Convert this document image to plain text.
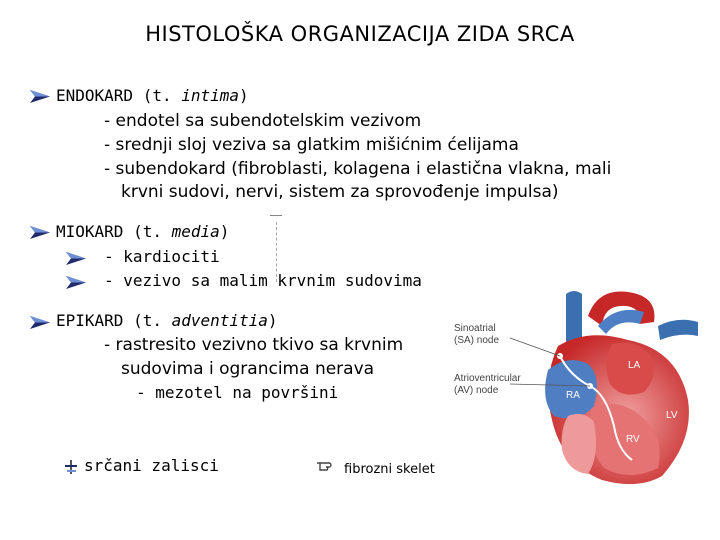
HISTOLOŠKA ORGANIZACIJA ZIDA SRCA
ENDOKARD (t. intima)
- endotel sa subendotelskim vezivom
- srednji sloj veziva sa glatkim mišićnim ćelijama
- subendokard (fibroblasti, kolagena i elastična vlakna, mali
krvni sudovi, nervi, sistem za sprovođenje impulsa)
MIOKARD (t. media)
- kardiociti
- vezivo sa malim krvnim sudovima
EPIKARD (t. adventitia)
- rastresito vezivno tkivo sa krvnim
sudovima i ograncima nerava
- mezotel na površini
srčani zalisci	fibrozni skelet
Sinoatrial
(SA) node
Atrioventricular
(AV) node
LA
RA
LV
RV
